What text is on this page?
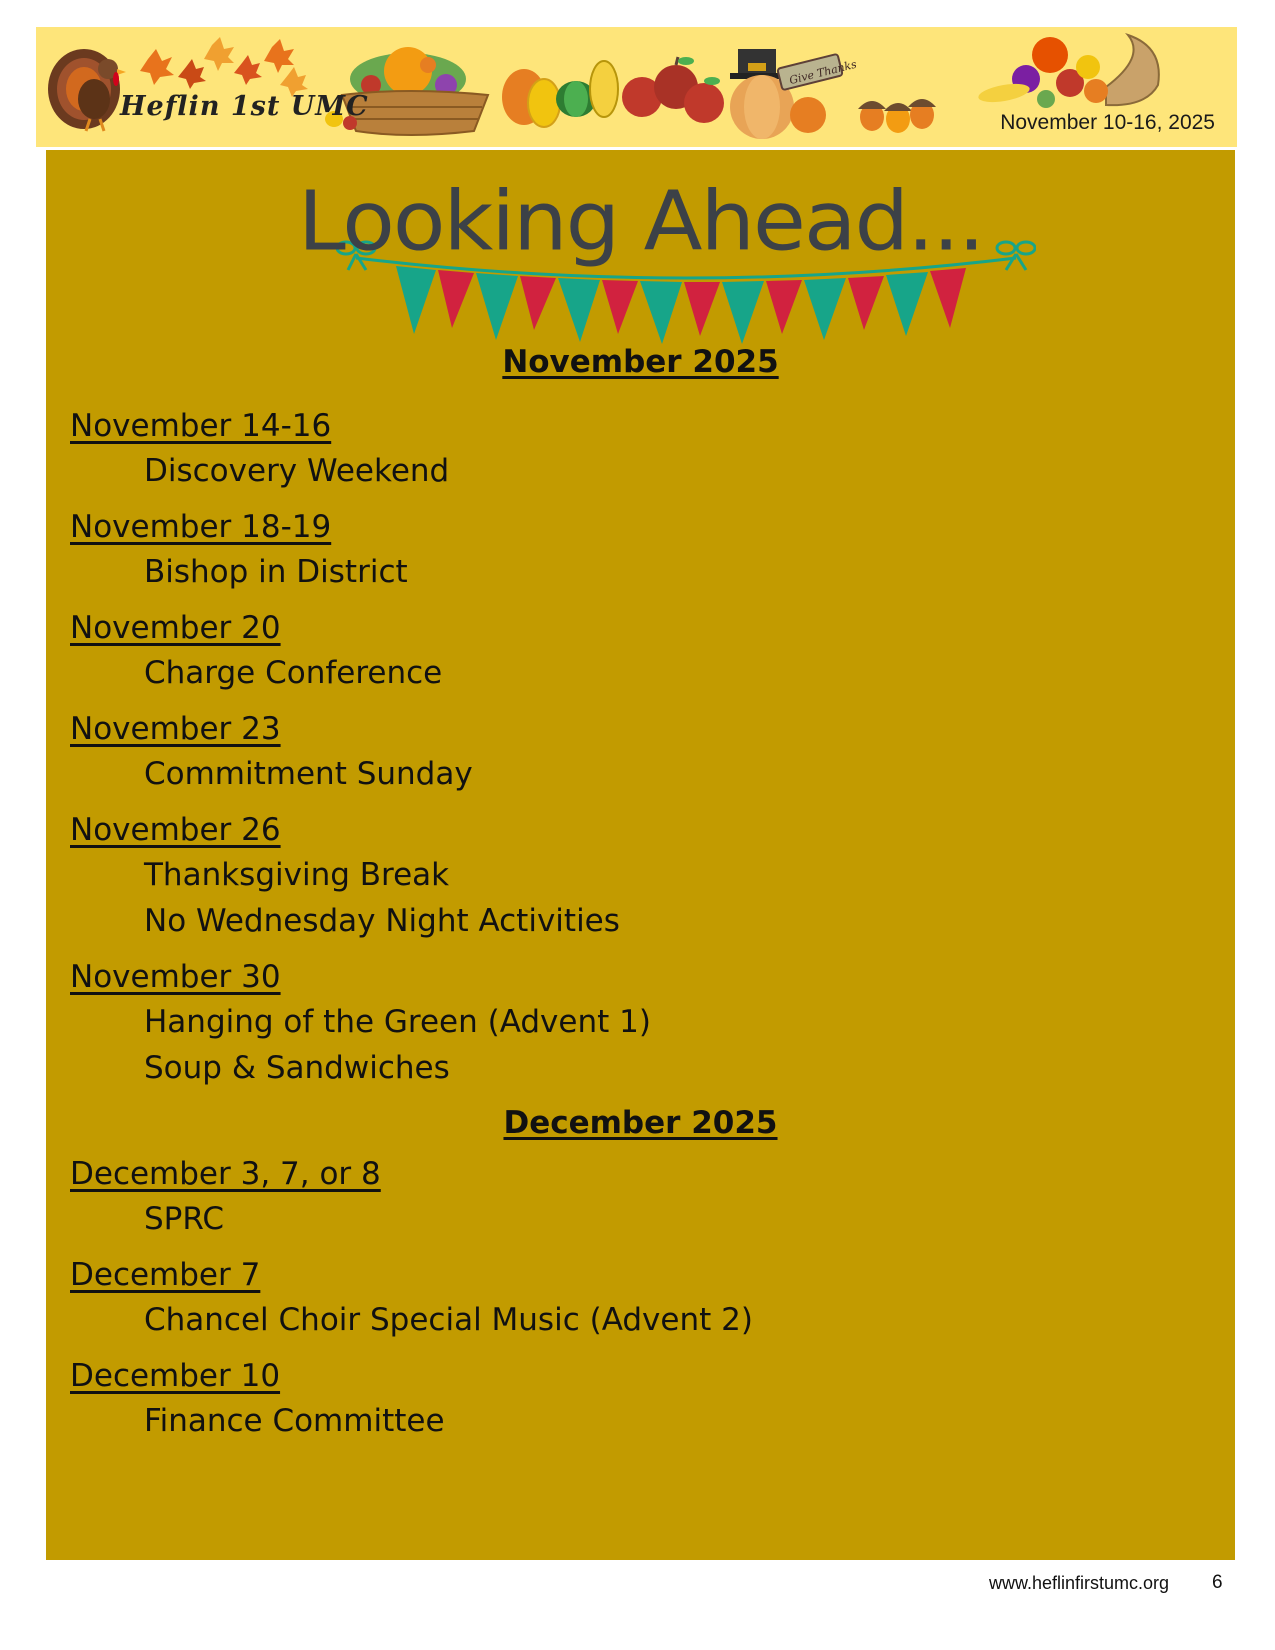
Give Thanks
Heflin 1st UMC
November 10-16, 2025
Looking Ahead...
November 2025
November 14-16
Discovery Weekend
November 18-19
Bishop in District
November 20
Charge Conference
November 23
Commitment Sunday
November 26
Thanksgiving Break
No Wednesday Night Activities
November 30
Hanging of the Green (Advent 1)
Soup & Sandwiches
December 2025
December 3, 7, or 8
SPRC
December 7
Chancel Choir Special Music (Advent 2)
December 10
Finance Committee
www.heflinfirstumc.org 6
